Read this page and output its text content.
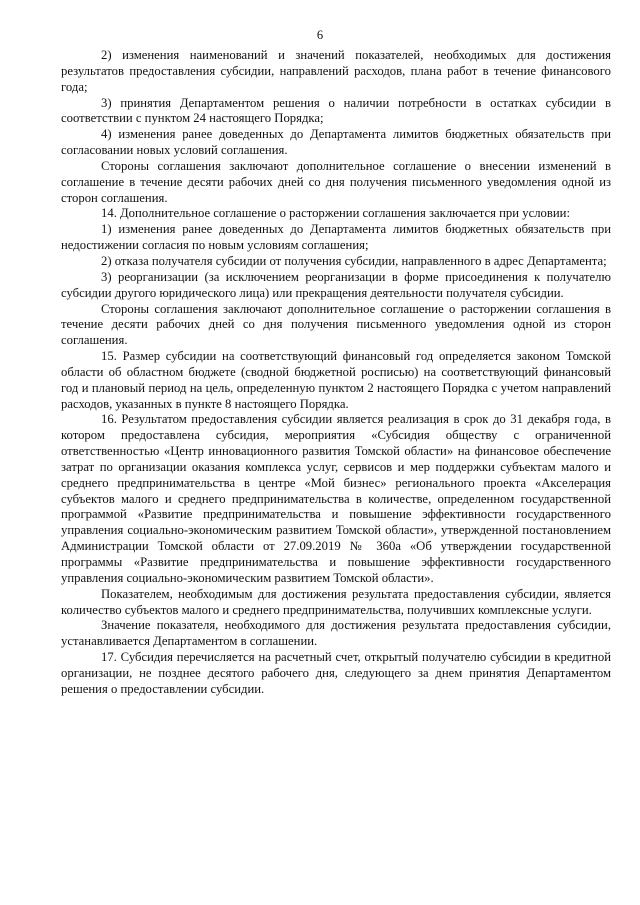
6

2) изменения наименований и значений показателей, необходимых для достижения результатов предоставления субсидии, направлений расходов, плана работ в течение финансового года;

3) принятия Департаментом решения о наличии потребности в остатках субсидии в соответствии с пунктом 24 настоящего Порядка;

4) изменения ранее доведенных до Департамента лимитов бюджетных обязательств при согласовании новых условий соглашения.

Стороны соглашения заключают дополнительное соглашение о внесении изменений в соглашение в течение десяти рабочих дней со дня получения письменного уведомления одной из сторон соглашения.

14. Дополнительное соглашение о расторжении соглашения заключается при условии:

1) изменения ранее доведенных до Департамента лимитов бюджетных обязательств при недостижении согласия по новым условиям соглашения;

2) отказа получателя субсидии от получения субсидии, направленного в адрес Департамента;

3) реорганизации (за исключением реорганизации в форме присоединения к получателю субсидии другого юридического лица) или прекращения деятельности получателя субсидии.

Стороны соглашения заключают дополнительное соглашение о расторжении соглашения в течение десяти рабочих дней со дня получения письменного уведомления одной из сторон соглашения.

15. Размер субсидии на соответствующий финансовый год определяется законом Томской области об областном бюджете (сводной бюджетной росписью) на соответствующий финансовый год и плановый период на цель, определенную пунктом 2 настоящего Порядка с учетом направлений расходов, указанных в пункте 8 настоящего Порядка.

16. Результатом предоставления субсидии является реализация в срок до 31 декабря года, в котором предоставлена субсидия, мероприятия «Субсидия обществу с ограниченной ответственностью «Центр инновационного развития Томской области» на финансовое обеспечение затрат по организации оказания комплекса услуг, сервисов и мер поддержки субъектам малого и среднего предпринимательства в центре «Мой бизнес» регионального проекта «Акселерация субъектов малого и среднего предпринимательства в количестве, определенном государственной программой «Развитие предпринимательства и повышение эффективности государственного управления социально-экономическим развитием Томской области», утвержденной постановлением Администрации Томской области от 27.09.2019 № 360а «Об утверждении государственной программы «Развитие предпринимательства и повышение эффективности государственного управления социально-экономическим развитием Томской области».

Показателем, необходимым для достижения результата предоставления субсидии, является количество субъектов малого и среднего предпринимательства, получивших комплексные услуги.

Значение показателя, необходимого для достижения результата предоставления субсидии, устанавливается Департаментом в соглашении.

17. Субсидия перечисляется на расчетный счет, открытый получателю субсидии в кредитной организации, не позднее десятого рабочего дня, следующего за днем принятия Департаментом решения о предоставлении субсидии.
